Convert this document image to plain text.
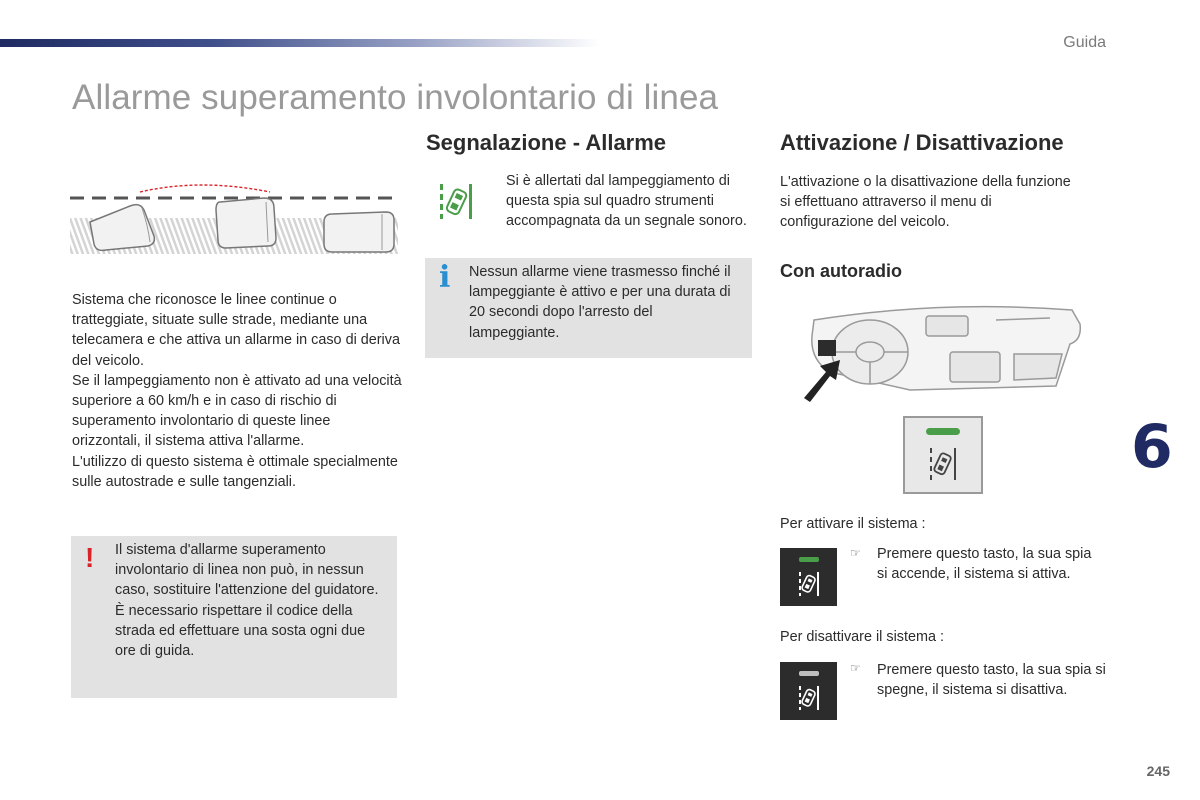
Guida
Allarme superamento involontario di linea

Sistema che riconosce le linee continue o tratteggiate, situate sulle strade, mediante una telecamera e che attiva un allarme in caso di deriva del veicolo.

Se il lampeggiamento non è attivato ad una velocità superiore a 60 km/h e in caso di rischio di superamento involontario di queste linee orizzontali, il sistema attiva l'allarme.

L'utilizzo di questo sistema è ottimale specialmente sulle autostrade e sulle tangenziali.

! Il sistema d'allarme superamento involontario di linea non può, in nessun caso, sostituire l'attenzione del guidatore.

È necessario rispettare il codice della strada ed effettuare una sosta ogni due ore di guida.

Segnalazione - Allarme
Si è allertati dal lampeggiamento di questa spia sul quadro strumenti accompagnata da un segnale sonoro.
i Nessun allarme viene trasmesso finché il lampeggiante è attivo e per una durata di 20 secondi dopo l'arresto del lampeggiante.
Attivazione / Disattivazione
L'attivazione o la disattivazione della funzione si effettuano attraverso il menu di configurazione del veicolo.
Con autoradio
Per attivare il sistema :
☞ Premere questo tasto, la sua spia si accende, il sistema si attiva.
Per disattivare il sistema :
☞ Premere questo tasto, la sua spia si spegne, il sistema si disattiva.
6
245
